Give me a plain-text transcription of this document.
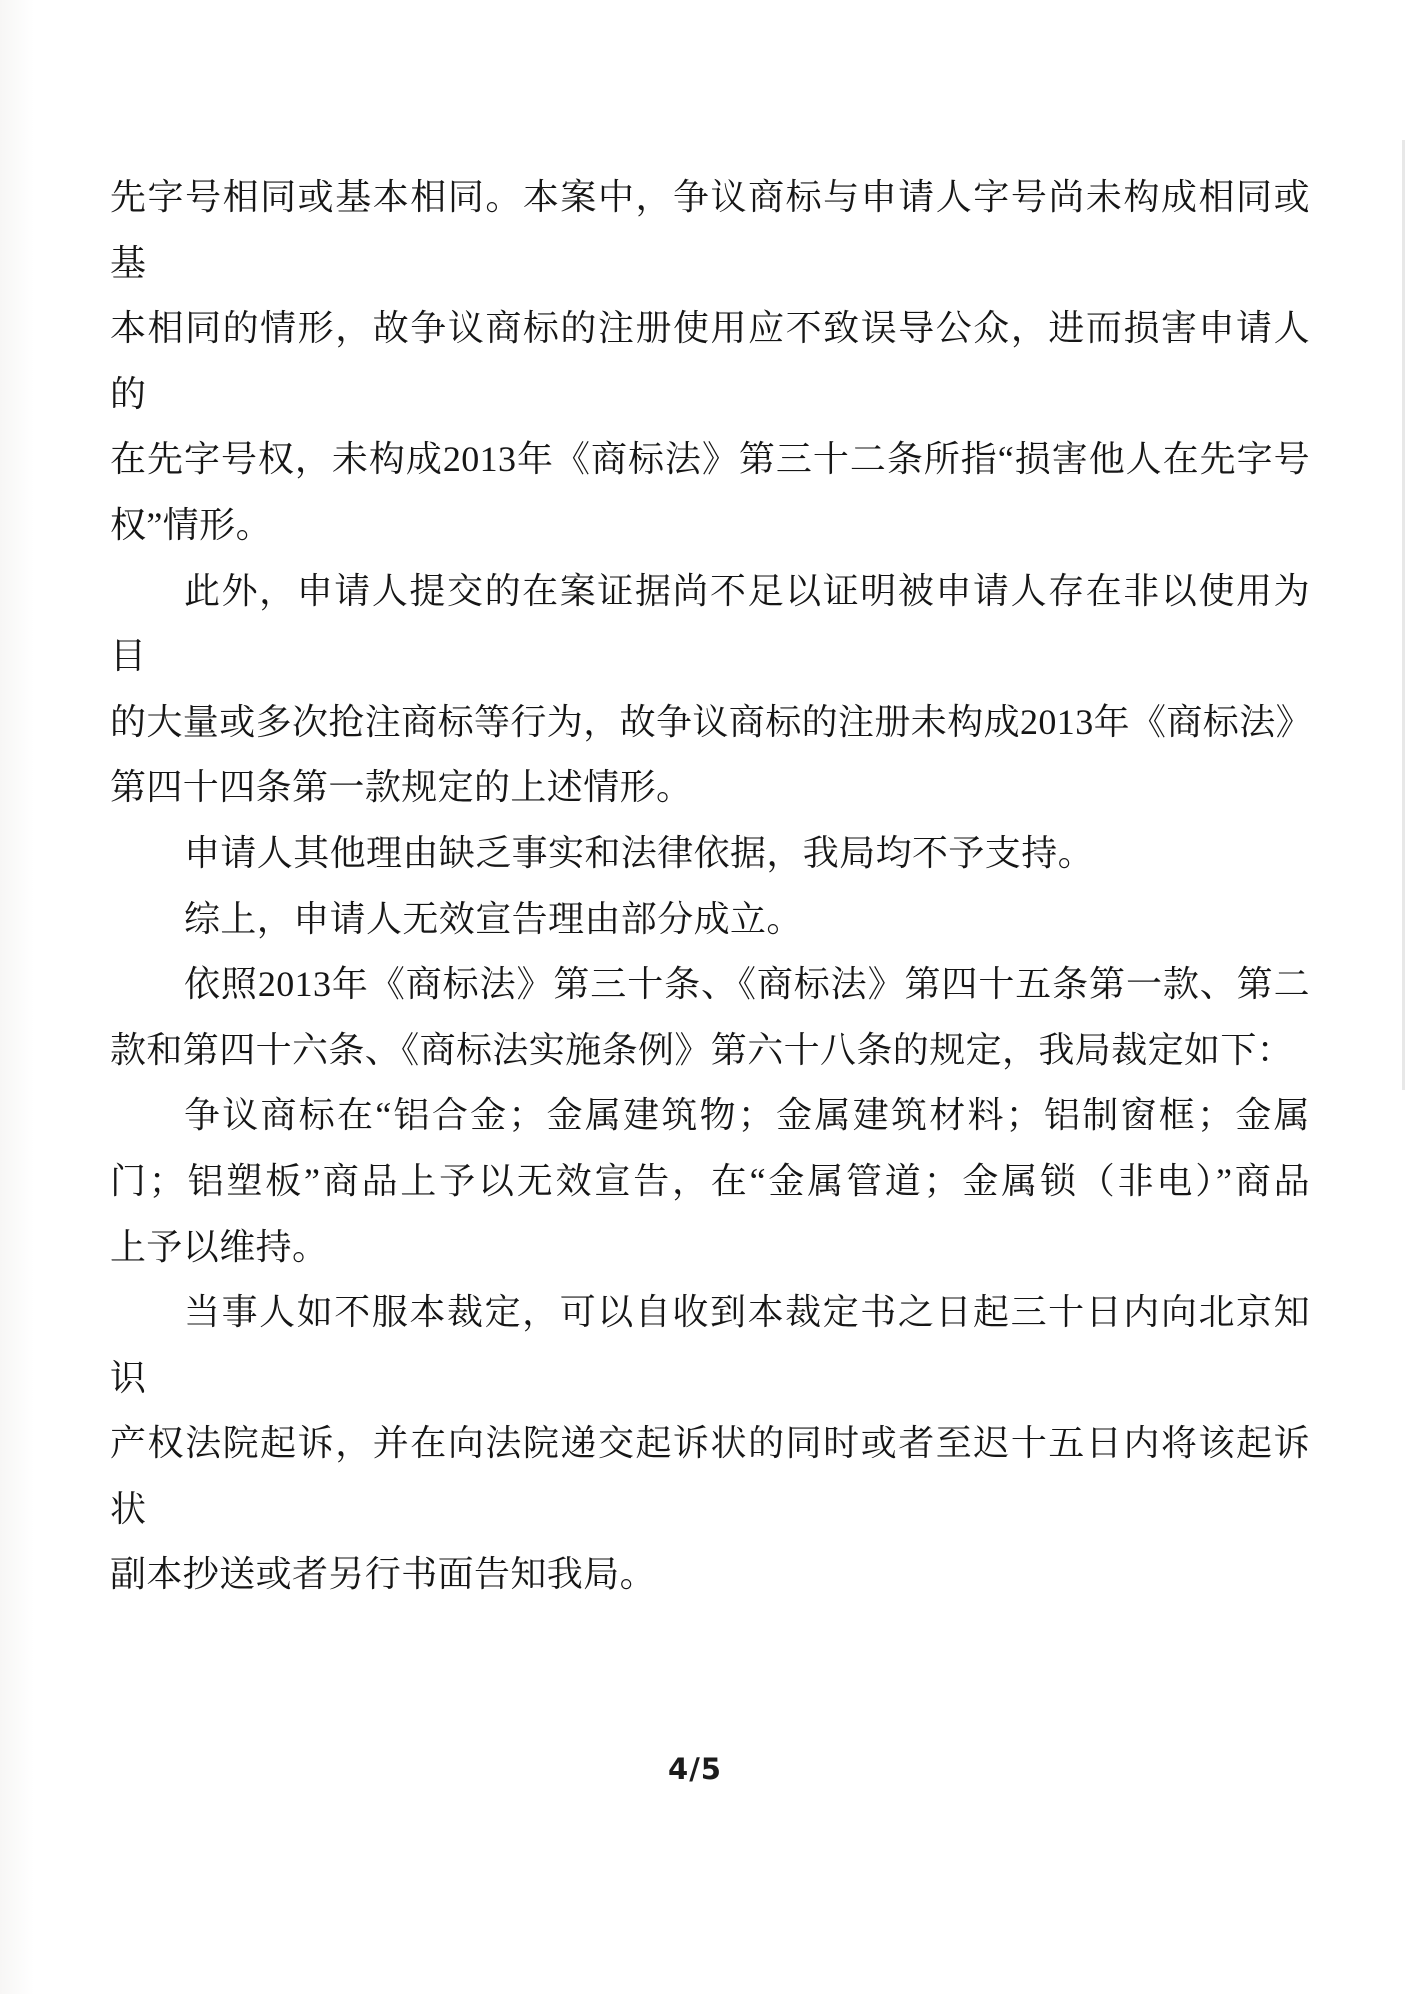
先字号相同或基本相同。本案中，争议商标与申请人字号尚未构成相同或基
本相同的情形，故争议商标的注册使用应不致误导公众，进而损害申请人的
在先字号权，未构成2013年《商标法》第三十二条所指“损害他人在先字号
权”情形。
此外，申请人提交的在案证据尚不足以证明被申请人存在非以使用为目
的大量或多次抢注商标等行为，故争议商标的注册未构成2013年《商标法》
第四十四条第一款规定的上述情形。
申请人其他理由缺乏事实和法律依据，我局均不予支持。
综上，申请人无效宣告理由部分成立。
依照2013年《商标法》第三十条、《商标法》第四十五条第一款、第二
款和第四十六条、《商标法实施条例》第六十八条的规定，我局裁定如下：
争议商标在“铝合金；金属建筑物；金属建筑材料；铝制窗框；金属
门；铝塑板”商品上予以无效宣告，在“金属管道；金属锁（非电）”商品
上予以维持。
当事人如不服本裁定，可以自收到本裁定书之日起三十日内向北京知识
产权法院起诉，并在向法院递交起诉状的同时或者至迟十五日内将该起诉状
副本抄送或者另行书面告知我局。
4/5
